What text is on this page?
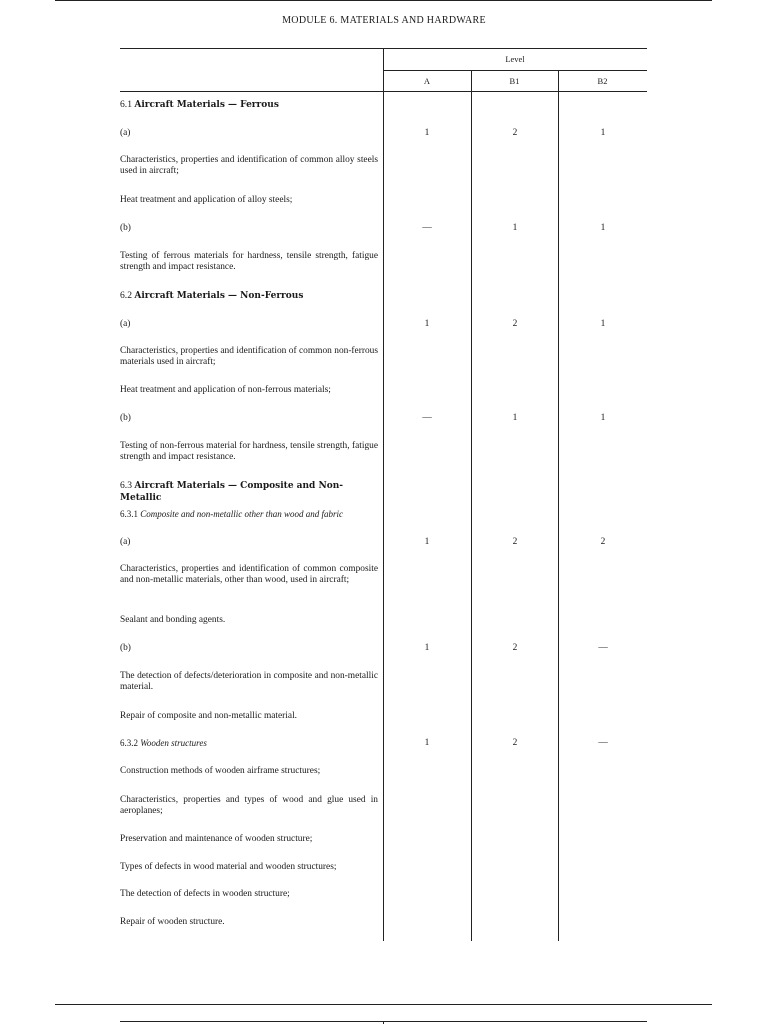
MODULE 6. MATERIALS AND HARDWARE
Level
A	B1	B2
6.1 Aircraft Materials — Ferrous
(a)	1	2	1
Characteristics, properties and identification of common alloy steels used in aircraft;
Heat treatment and application of alloy steels;
(b)	—	1	1
Testing of ferrous materials for hardness, tensile strength, fatigue strength and impact resistance.
6.2 Aircraft Materials — Non-Ferrous
(a)	1	2	1
Characteristics, properties and identification of common non-ferrous materials used in aircraft;
Heat treatment and application of non-ferrous materials;
(b)	—	1	1
Testing of non-ferrous material for hardness, tensile strength, fatigue strength and impact resistance.
6.3 Aircraft Materials — Composite and Non-Metallic
6.3.1 Composite and non-metallic other than wood and fabric
(a)	1	2	2
Characteristics, properties and identification of common composite and non-metallic materials, other than wood, used in aircraft;
Sealant and bonding agents.
(b)	1	2	—
The detection of defects/deterioration in composite and non-metallic material.
Repair of composite and non-metallic material.
6.3.2 Wooden structures	1	2	—
Construction methods of wooden airframe structures;
Characteristics, properties and types of wood and glue used in aeroplanes;
Preservation and maintenance of wooden structure;
Types of defects in wood material and wooden structures;
The detection of defects in wooden structure;
Repair of wooden structure.
